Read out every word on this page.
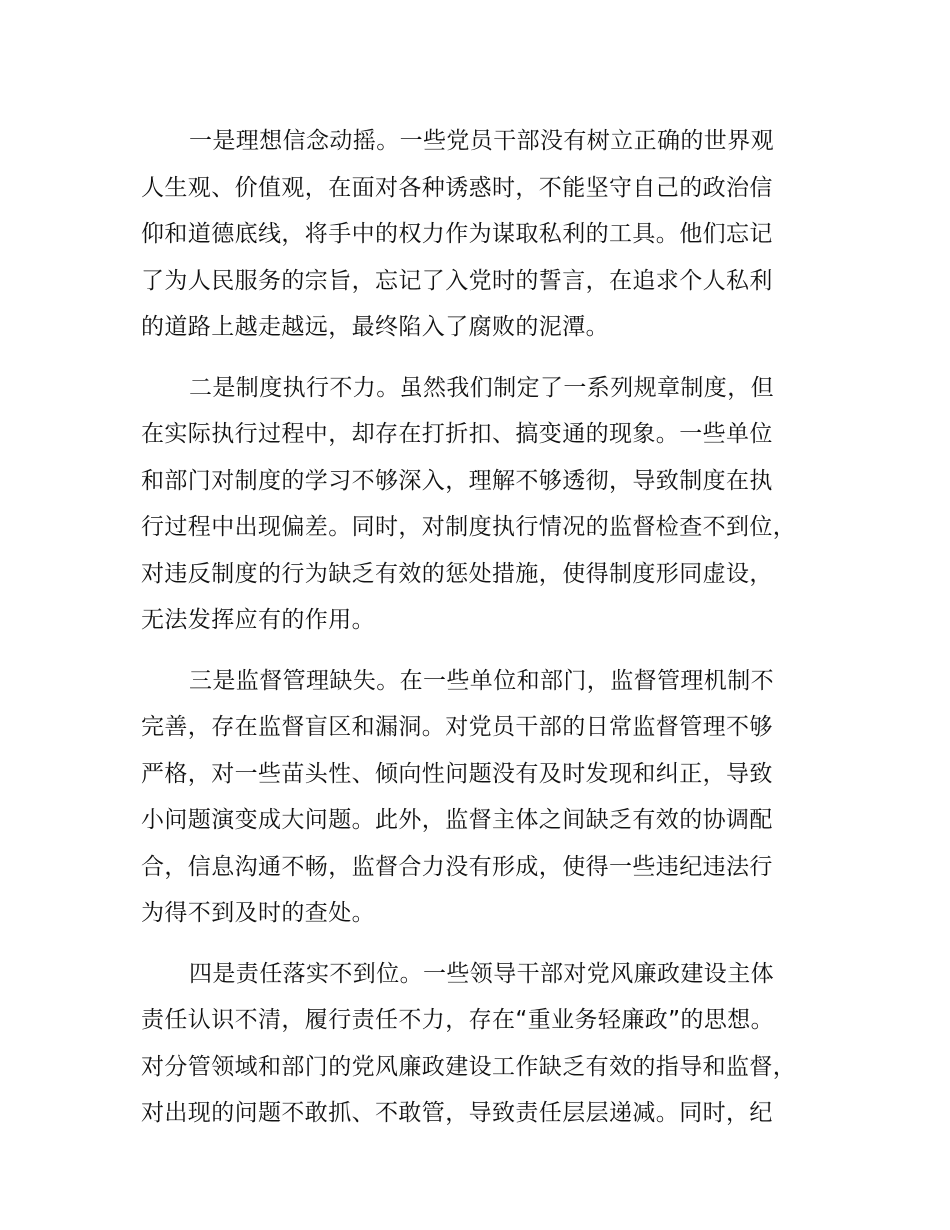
一是理想信念动摇。一些党员干部没有树立正确的世界观
人生观、价值观，在面对各种诱惑时，不能坚守自己的政治信
仰和道德底线，将手中的权力作为谋取私利的工具。他们忘记
了为人民服务的宗旨，忘记了入党时的誓言，在追求个人私利
的道路上越走越远，最终陷入了腐败的泥潭。
二是制度执行不力。虽然我们制定了一系列规章制度，但
在实际执行过程中，却存在打折扣、搞变通的现象。一些单位
和部门对制度的学习不够深入，理解不够透彻，导致制度在执
行过程中出现偏差。同时，对制度执行情况的监督检查不到位，
对违反制度的行为缺乏有效的惩处措施，使得制度形同虚设，
无法发挥应有的作用。
三是监督管理缺失。在一些单位和部门，监督管理机制不
完善，存在监督盲区和漏洞。对党员干部的日常监督管理不够
严格，对一些苗头性、倾向性问题没有及时发现和纠正，导致
小问题演变成大问题。此外，监督主体之间缺乏有效的协调配
合，信息沟通不畅，监督合力没有形成，使得一些违纪违法行
为得不到及时的查处。
四是责任落实不到位。一些领导干部对党风廉政建设主体
责任认识不清，履行责任不力，存在“重业务轻廉政”的思想。
对分管领域和部门的党风廉政建设工作缺乏有效的指导和监督，
对出现的问题不敢抓、不敢管，导致责任层层递减。同时，纪
